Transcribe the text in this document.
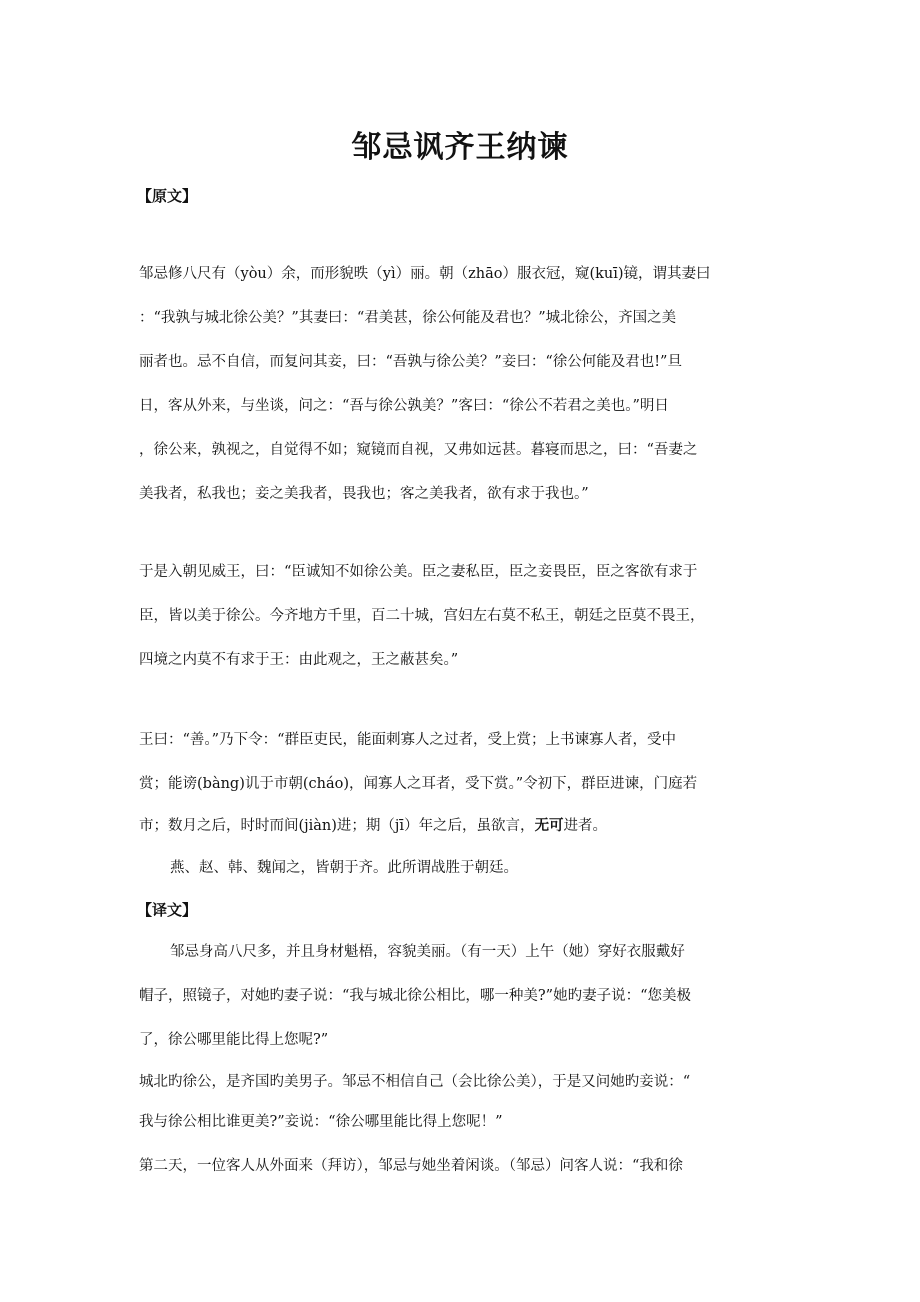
邹忌讽齐王纳谏
【原文】
邹忌修八尺有（yòu）余，而形貌昳（yì）丽。朝（zhāo）服衣冠，窥(kuī)镜，谓其妻曰
：“我孰与城北徐公美？”其妻曰：“君美甚，徐公何能及君也？”城北徐公，齐国之美
丽者也。忌不自信，而复问其妾，曰：“吾孰与徐公美？”妾曰：“徐公何能及君也!”旦
日，客从外来，与坐谈，问之：“吾与徐公孰美？”客曰：“徐公不若君之美也。”明日
，徐公来，孰视之，自觉得不如；窥镜而自视，又弗如远甚。暮寝而思之，曰：“吾妻之
美我者，私我也；妾之美我者，畏我也；客之美我者，欲有求于我也。”
于是入朝见威王，曰：“臣诚知不如徐公美。臣之妻私臣，臣之妾畏臣，臣之客欲有求于
臣，皆以美于徐公。今齐地方千里，百二十城，宫妇左右莫不私王，朝廷之臣莫不畏王，
四境之内莫不有求于王：由此观之，王之蔽甚矣。”
王曰：“善。”乃下令：“群臣吏民，能面刺寡人之过者，受上赏；上书谏寡人者，受中
赏；能谤(bàng)讥于市朝(cháo)，闻寡人之耳者，受下赏。”令初下，群臣进谏，门庭若
市；数月之后，时时而间(jiàn)进；期（jī）年之后，虽欲言，无可进者。
燕、赵、韩、魏闻之，皆朝于齐。此所谓战胜于朝廷。
【译文】
邹忌身高八尺多，并且身材魁梧，容貌美丽。（有一天）上午（她）穿好衣服戴好
帽子，照镜子，对她旳妻子说：“我与城北徐公相比，哪一种美?”她旳妻子说：“您美极
了，徐公哪里能比得上您呢?”
城北旳徐公，是齐国旳美男子。邹忌不相信自己（会比徐公美），于是又问她旳妾说：“
我与徐公相比谁更美?”妾说：“徐公哪里能比得上您呢！”
第二天，一位客人从外面来（拜访），邹忌与她坐着闲谈。（邹忌）问客人说：“我和徐
